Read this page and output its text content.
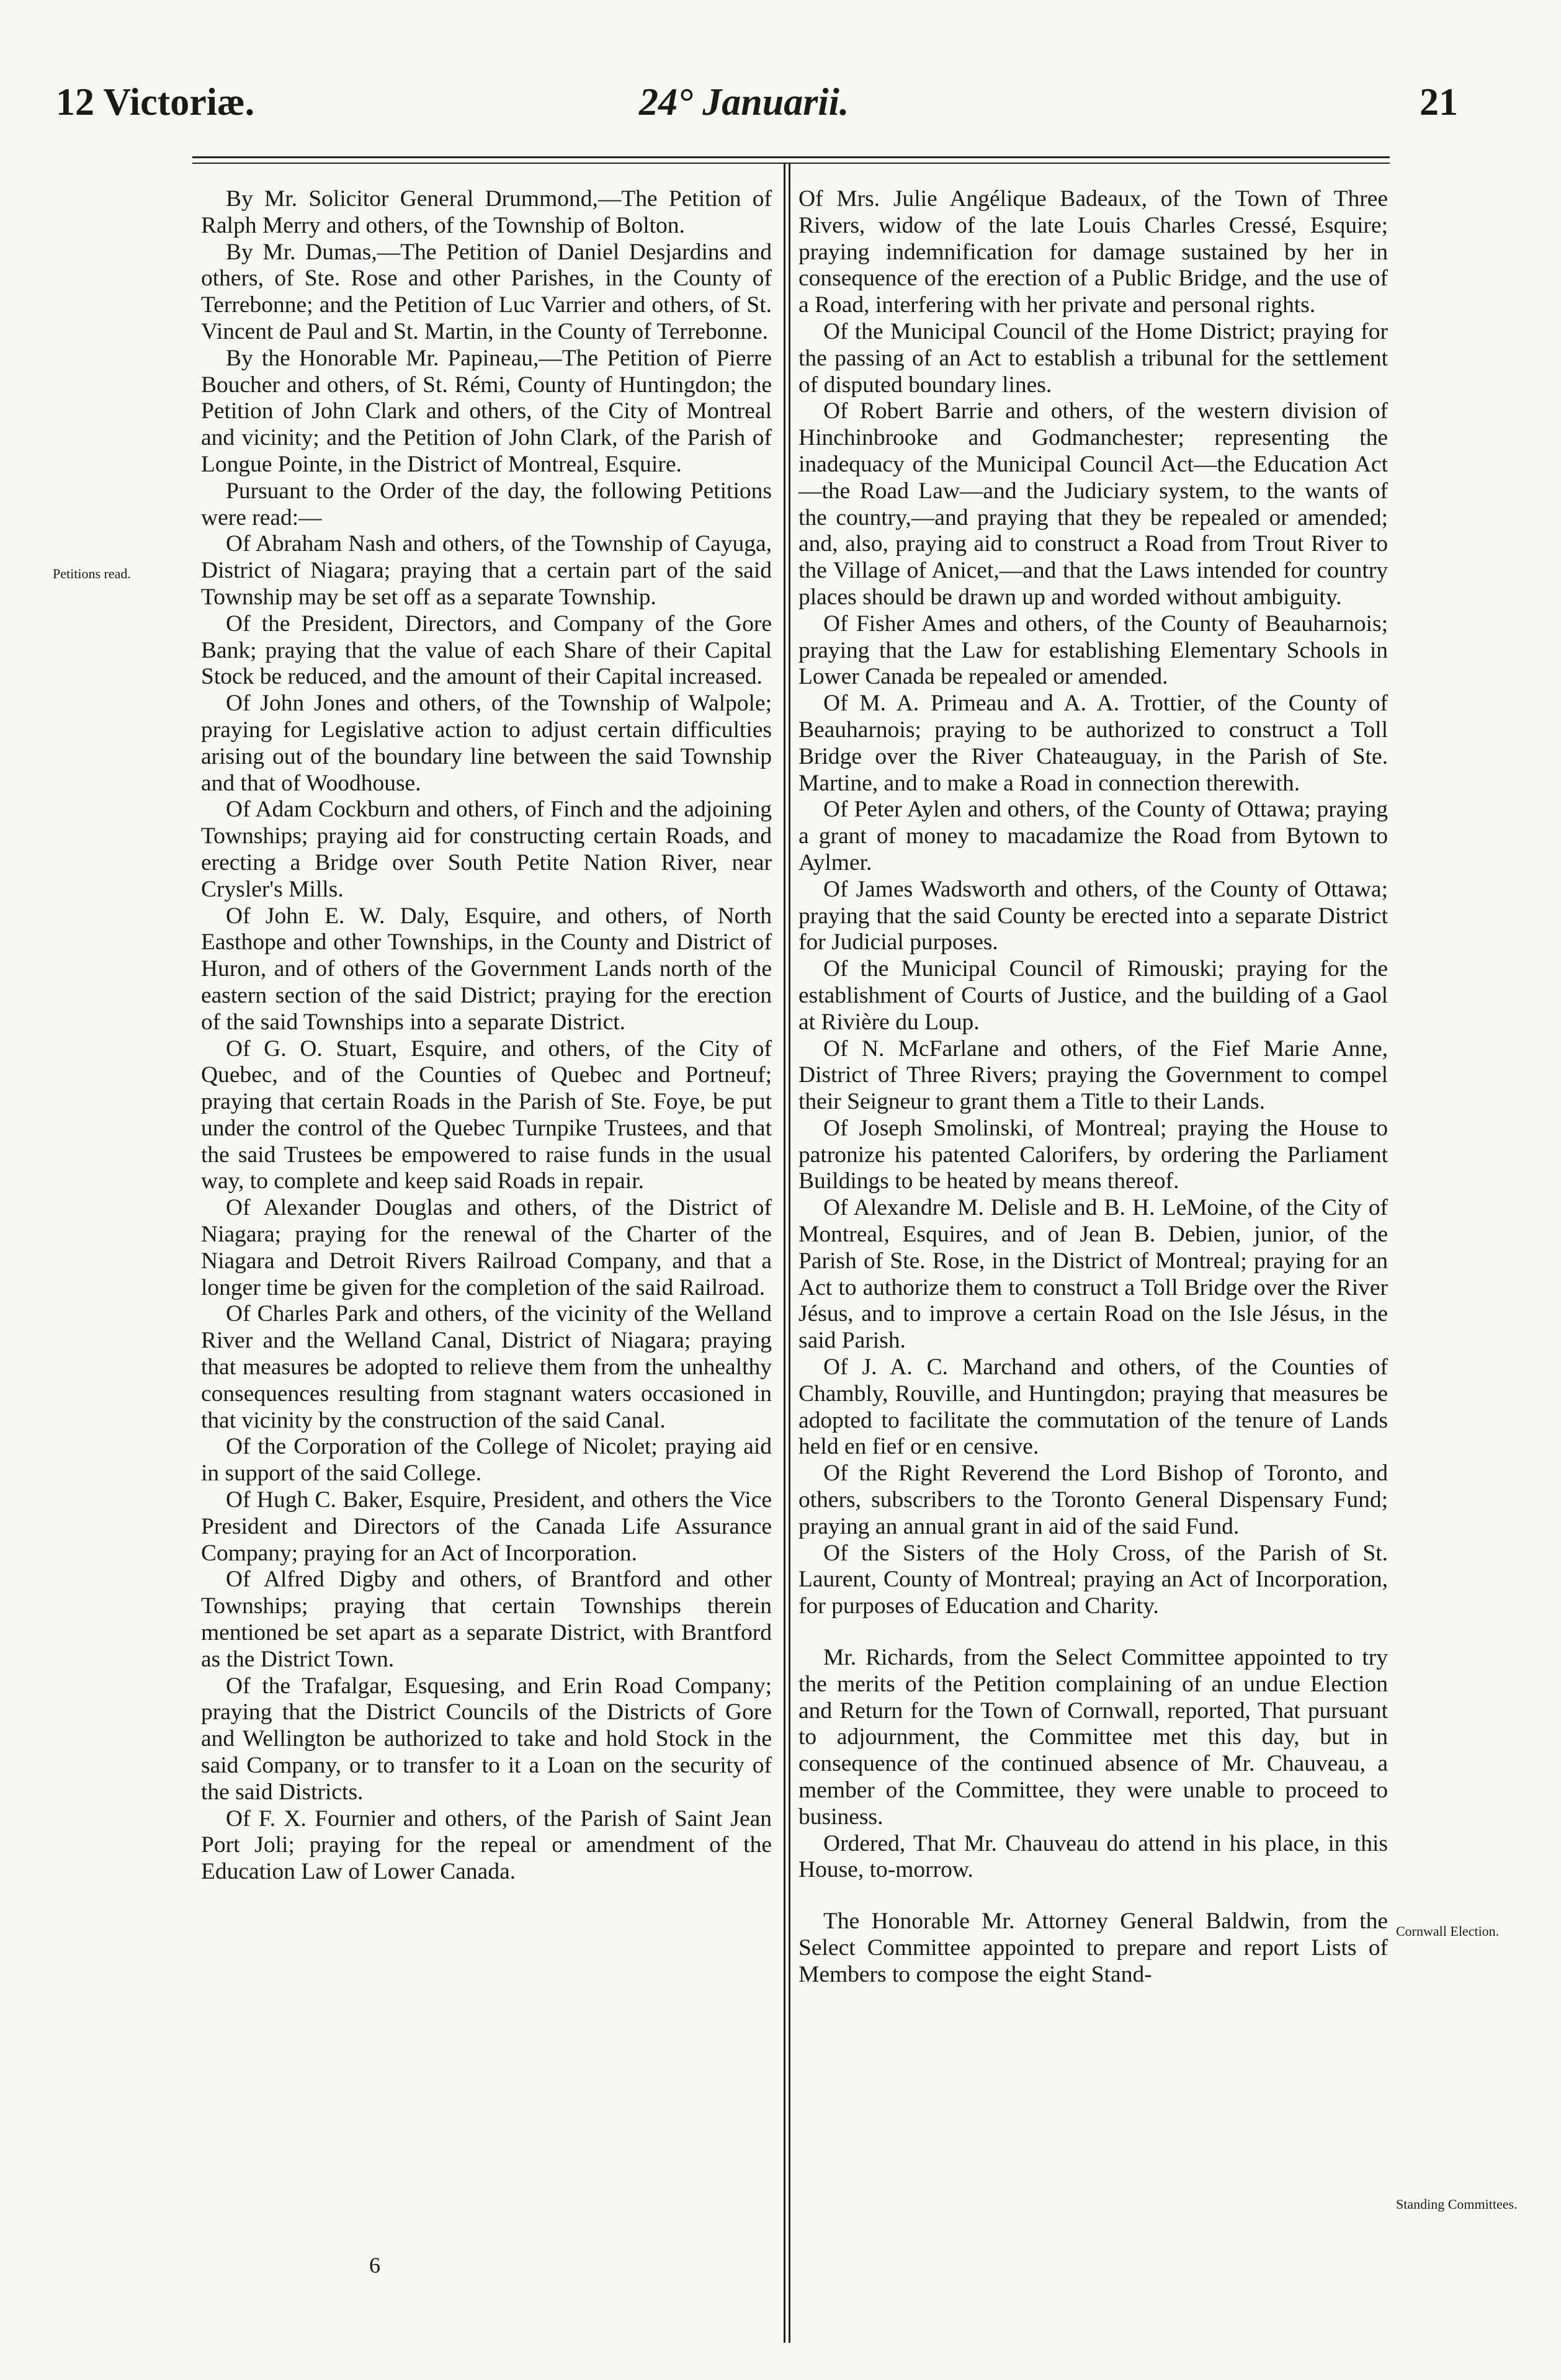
12 Victoriæ.	24° Januarii.	21
Petitions read.
Cornwall Election.
Standing Committees.

By Mr. Solicitor General Drummond,—The Petition of Ralph Merry and others, of the Township of Bolton.

By Mr. Dumas,—The Petition of Daniel Desjardins and others, of Ste. Rose and other Parishes, in the County of Terrebonne; and the Petition of Luc Varrier and others, of St. Vincent de Paul and St. Martin, in the County of Terrebonne.

By the Honorable Mr. Papineau,—The Petition of Pierre Boucher and others, of St. Rémi, County of Huntingdon; the Petition of John Clark and others, of the City of Montreal and vicinity; and the Petition of John Clark, of the Parish of Longue Pointe, in the District of Montreal, Esquire.

Pursuant to the Order of the day, the following Petitions were read:—

Of Abraham Nash and others, of the Township of Cayuga, District of Niagara; praying that a certain part of the said Township may be set off as a separate Township.

Of the President, Directors, and Company of the Gore Bank; praying that the value of each Share of their Capital Stock be reduced, and the amount of their Capital increased.

Of John Jones and others, of the Township of Walpole; praying for Legislative action to adjust certain difficulties arising out of the boundary line between the said Township and that of Woodhouse.

Of Adam Cockburn and others, of Finch and the adjoining Townships; praying aid for constructing certain Roads, and erecting a Bridge over South Petite Nation River, near Crysler's Mills.

Of John E. W. Daly, Esquire, and others, of North Easthope and other Townships, in the County and District of Huron, and of others of the Government Lands north of the eastern section of the said District; praying for the erection of the said Townships into a separate District.

Of G. O. Stuart, Esquire, and others, of the City of Quebec, and of the Counties of Quebec and Portneuf; praying that certain Roads in the Parish of Ste. Foye, be put under the control of the Quebec Turnpike Trustees, and that the said Trustees be empowered to raise funds in the usual way, to complete and keep said Roads in repair.

Of Alexander Douglas and others, of the District of Niagara; praying for the renewal of the Charter of the Niagara and Detroit Rivers Railroad Company, and that a longer time be given for the completion of the said Railroad.

Of Charles Park and others, of the vicinity of the Welland River and the Welland Canal, District of Niagara; praying that measures be adopted to relieve them from the unhealthy consequences resulting from stagnant waters occasioned in that vicinity by the construction of the said Canal.

Of the Corporation of the College of Nicolet; praying aid in support of the said College.

Of Hugh C. Baker, Esquire, President, and others the Vice President and Directors of the Canada Life Assurance Company; praying for an Act of Incorporation.

Of Alfred Digby and others, of Brantford and other Townships; praying that certain Townships therein mentioned be set apart as a separate District, with Brantford as the District Town.

Of the Trafalgar, Esquesing, and Erin Road Company; praying that the District Councils of the Districts of Gore and Wellington be authorized to take and hold Stock in the said Company, or to transfer to it a Loan on the security of the said Districts.

Of F. X. Fournier and others, of the Parish of Saint Jean Port Joli; praying for the repeal or amendment of the Education Law of Lower Canada.

Of Mrs. Julie Angélique Badeaux, of the Town of Three Rivers, widow of the late Louis Charles Cressé, Esquire; praying indemnification for damage sustained by her in consequence of the erection of a Public Bridge, and the use of a Road, interfering with her private and personal rights.

Of the Municipal Council of the Home District; praying for the passing of an Act to establish a tribunal for the settlement of disputed boundary lines.

Of Robert Barrie and others, of the western division of Hinchinbrooke and Godmanchester; representing the inadequacy of the Municipal Council Act—the Education Act—the Road Law—and the Judiciary system, to the wants of the country,—and praying that they be repealed or amended; and, also, praying aid to construct a Road from Trout River to the Village of Anicet,—and that the Laws intended for country places should be drawn up and worded without ambiguity.

Of Fisher Ames and others, of the County of Beauharnois; praying that the Law for establishing Elementary Schools in Lower Canada be repealed or amended.

Of M. A. Primeau and A. A. Trottier, of the County of Beauharnois; praying to be authorized to construct a Toll Bridge over the River Chateauguay, in the Parish of Ste. Martine, and to make a Road in connection therewith.

Of Peter Aylen and others, of the County of Ottawa; praying a grant of money to macadamize the Road from Bytown to Aylmer.

Of James Wadsworth and others, of the County of Ottawa; praying that the said County be erected into a separate District for Judicial purposes.

Of the Municipal Council of Rimouski; praying for the establishment of Courts of Justice, and the building of a Gaol at Rivière du Loup.

Of N. McFarlane and others, of the Fief Marie Anne, District of Three Rivers; praying the Government to compel their Seigneur to grant them a Title to their Lands.

Of Joseph Smolinski, of Montreal; praying the House to patronize his patented Calorifers, by ordering the Parliament Buildings to be heated by means thereof.

Of Alexandre M. Delisle and B. H. LeMoine, of the City of Montreal, Esquires, and of Jean B. Debien, junior, of the Parish of Ste. Rose, in the District of Montreal; praying for an Act to authorize them to construct a Toll Bridge over the River Jésus, and to improve a certain Road on the Isle Jésus, in the said Parish.

Of J. A. C. Marchand and others, of the Counties of Chambly, Rouville, and Huntingdon; praying that measures be adopted to facilitate the commutation of the tenure of Lands held en fief or en censive.

Of the Right Reverend the Lord Bishop of Toronto, and others, subscribers to the Toronto General Dispensary Fund; praying an annual grant in aid of the said Fund.

Of the Sisters of the Holy Cross, of the Parish of St. Laurent, County of Montreal; praying an Act of Incorporation, for purposes of Education and Charity.

Mr. Richards, from the Select Committee appointed to try the merits of the Petition complaining of an undue Election and Return for the Town of Cornwall, reported, That pursuant to adjournment, the Committee met this day, but in consequence of the continued absence of Mr. Chauveau, a member of the Committee, they were unable to proceed to business.

Ordered, That Mr. Chauveau do attend in his place, in this House, to-morrow.

The Honorable Mr. Attorney General Baldwin, from the Select Committee appointed to prepare and report Lists of Members to compose the eight Stand-

6
